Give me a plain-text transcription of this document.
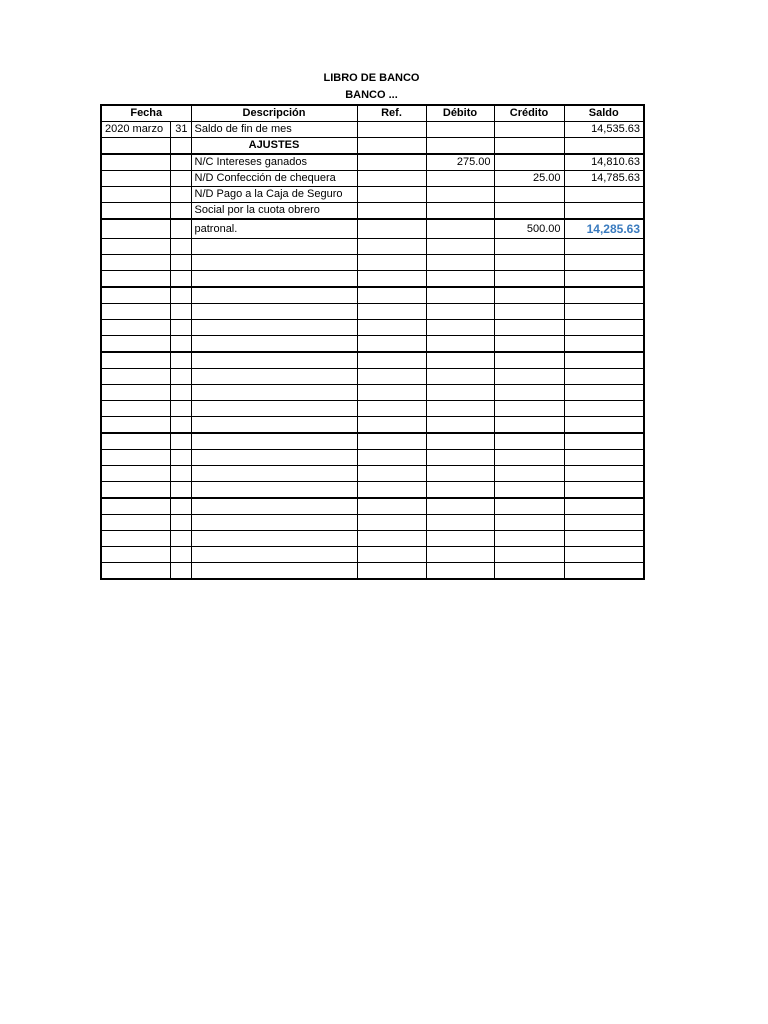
LIBRO DE BANCO
BANCO ...
Fecha		Descripción	Ref.	Débito	Crédito	Saldo
2020 marzo	31	Saldo de fin de mes				14,535.63
		AJUSTES				
		N/C Intereses ganados		275.00		14,810.63
		N/D Confección de chequera			25.00	14,785.63
		N/D Pago a la Caja de Seguro				
		Social por la cuota obrero				
		patronal.			500.00	14,285.63
